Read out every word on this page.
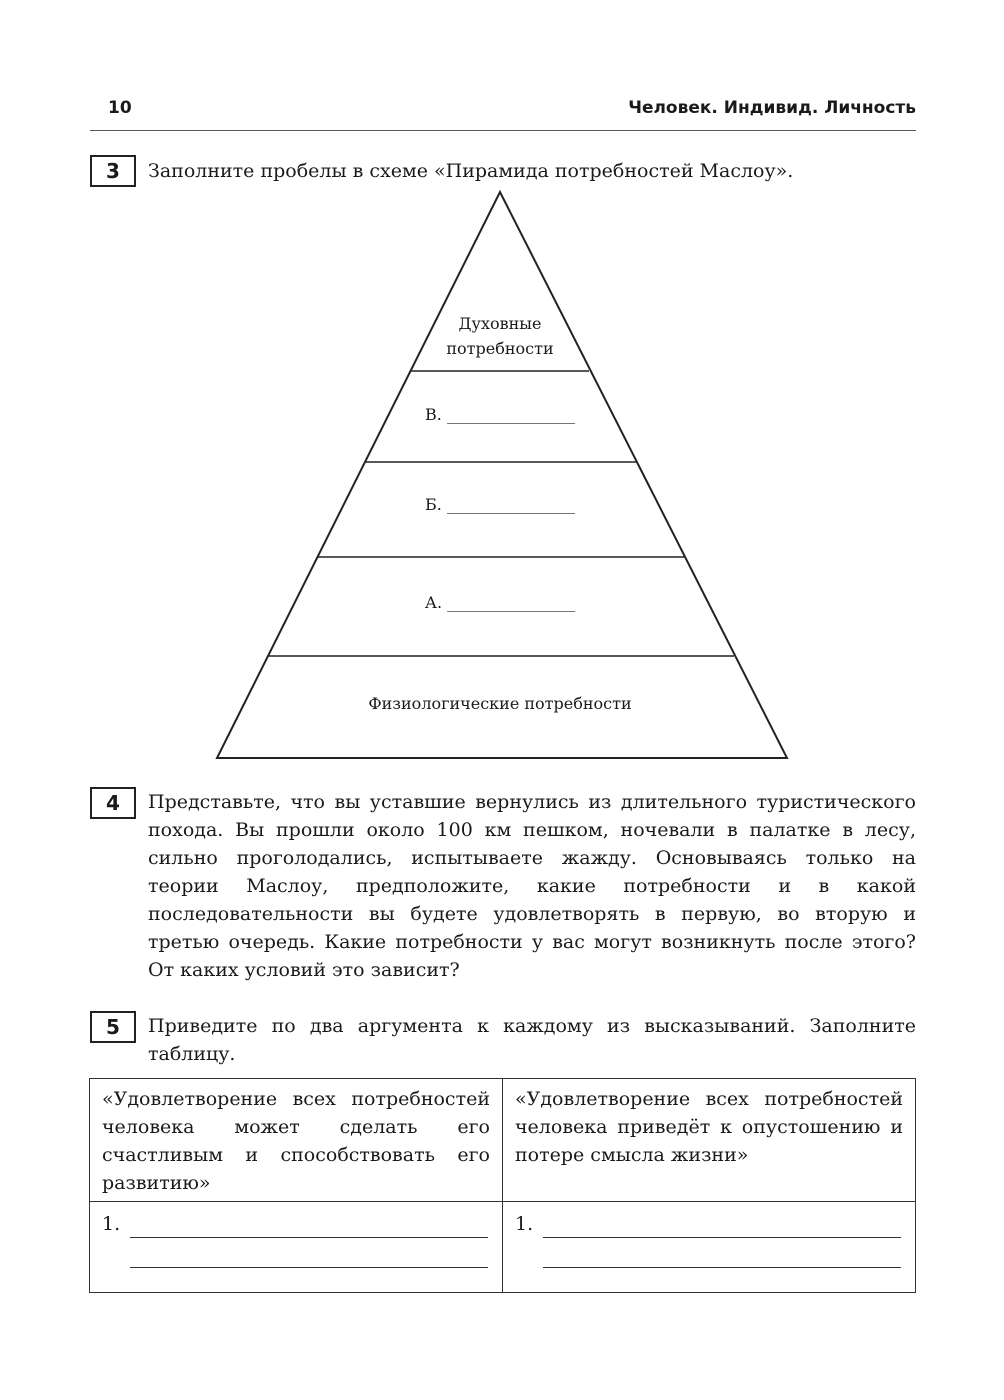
10	Человек. Индивид. Личность
3	Заполните пробелы в схеме «Пирамида потребностей Маслоу».

Духовные
потребности
В. ________________
Б. ________________
А. ________________
Физиологические потребности
4	Представьте, что вы уставшие вернулись из длительного туристического похода. Вы прошли около 100 км пешком, ночевали в палатке в лесу, сильно проголодались, испытываете жажду. Основываясь только на теории Маслоу, предположите, какие потребности и в какой последовательности вы будете удовлетворять в первую, во вторую и третью очередь. Какие потребности у вас могут возникнуть после этого? От каких условий это зависит?

5	Приведите по два аргумента к каждому из высказываний. Заполните таблицу.

«Удовлетворение всех потребностей человека может сделать его счастливым и способствовать его развитию»	«Удовлетворение всех потребностей человека приведёт к опустошению и потере смысла жизни»

1.	1.
